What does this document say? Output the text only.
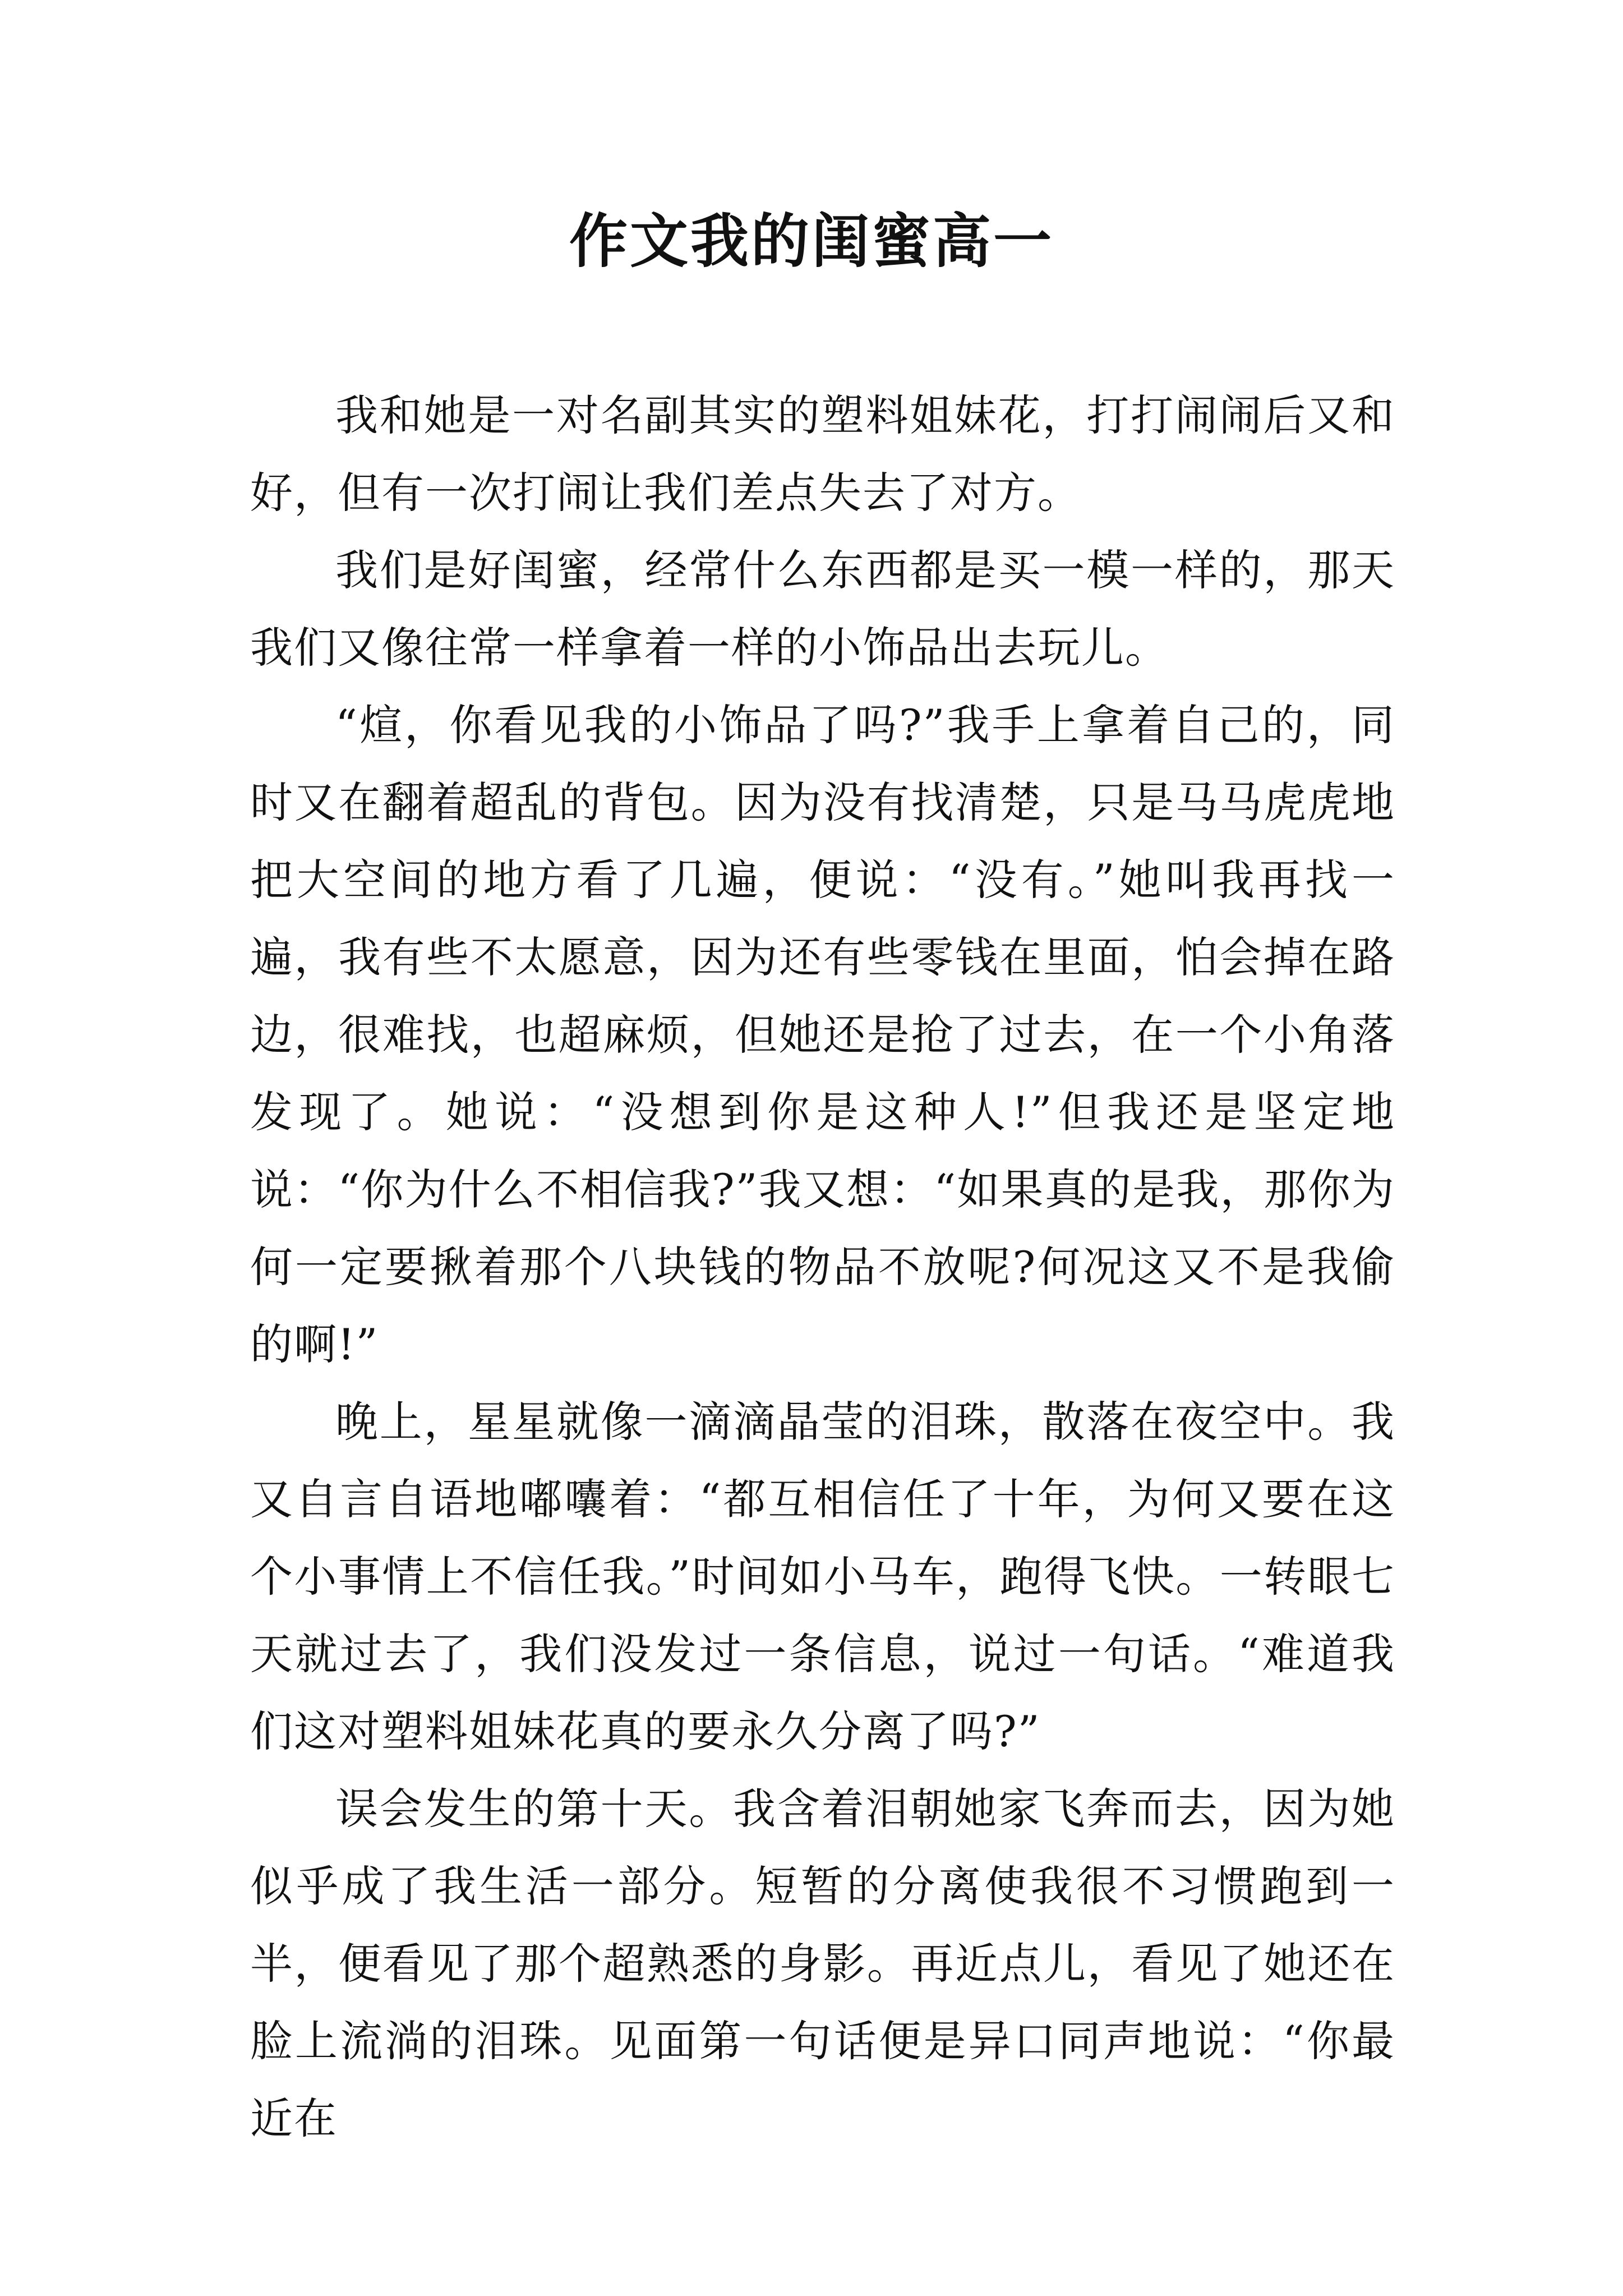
作文我的闺蜜高一

我和她是一对名副其实的塑料姐妹花，打打闹闹后又和好，但有一次打闹让我们差点失去了对方。

我们是好闺蜜，经常什么东西都是买一模一样的，那天我们又像往常一样拿着一样的小饰品出去玩儿。

“煊，你看见我的小饰品了吗?”我手上拿着自己的，同时又在翻着超乱的背包。因为没有找清楚，只是马马虎虎地把大空间的地方看了几遍，便说：“没有。”她叫我再找一遍，我有些不太愿意，因为还有些零钱在里面，怕会掉在路边，很难找，也超麻烦，但她还是抢了过去，在一个小角落发现了。她说：“没想到你是这种人!”但我还是坚定地说：“你为什么不相信我?”我又想：“如果真的是我，那你为何一定要揪着那个八块钱的物品不放呢?何况这又不是我偷的啊!”

晚上，星星就像一滴滴晶莹的泪珠，散落在夜空中。我又自言自语地嘟囔着：“都互相信任了十年，为何又要在这个小事情上不信任我。”时间如小马车，跑得飞快。一转眼七天就过去了，我们没发过一条信息，说过一句话。“难道我们这对塑料姐妹花真的要永久分离了吗?”

误会发生的第十天。我含着泪朝她家飞奔而去，因为她似乎成了我生活一部分。短暂的分离使我很不习惯跑到一半，便看见了那个超熟悉的身影。再近点儿，看见了她还在脸上流淌的泪珠。见面第一句话便是异口同声地说：“你最近在
